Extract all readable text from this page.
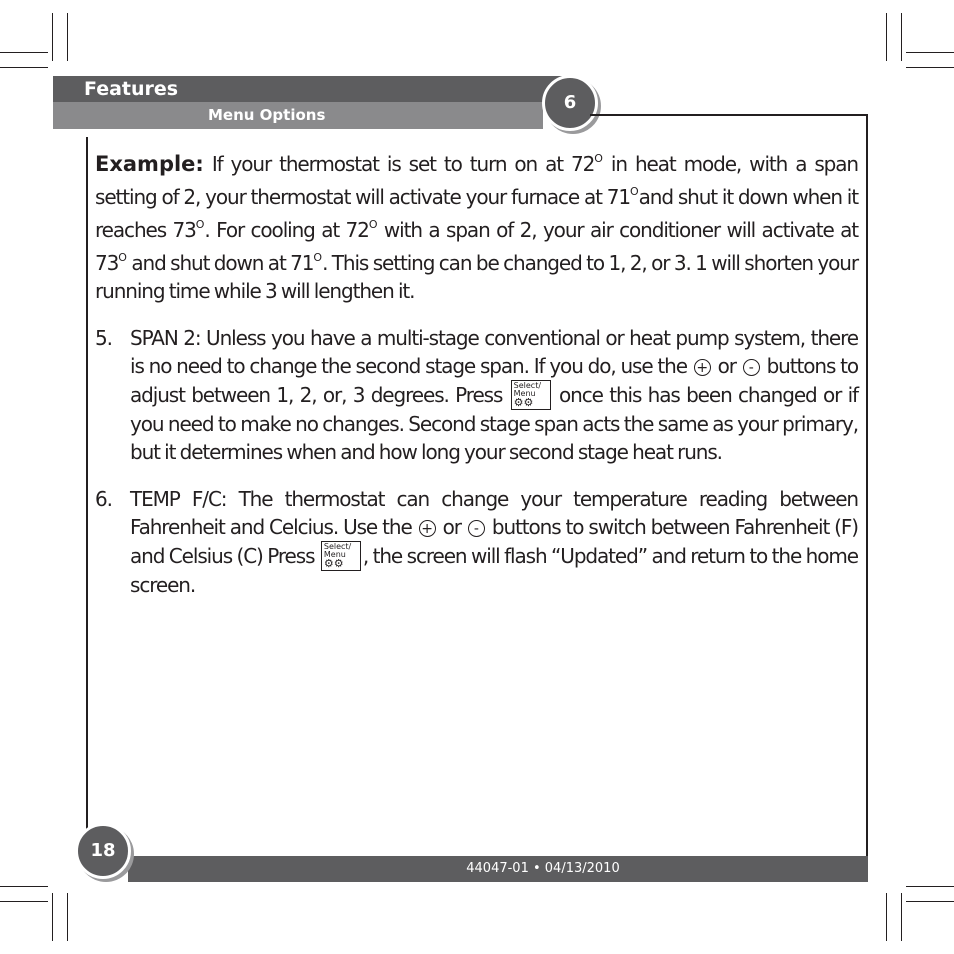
Features
Menu Options
6

Example: If your thermostat is set to turn on at $72^O$ in heat mode, with a span setting of 2, your thermostat will activate your furnace at $71^Oand$ shut it down when it reaches $73^O$. For cooling at $72^O$ with a span of 2, your air conditioner will activate at $73^O$ and shut down at $71^O$. This setting can be changed to 1, 2, or 3. 1 will shorten your running time while 3 will lengthen it.

5. SPAN 2: Unless you have a multi-stage conventional or heat pump system, there is no need to change the second stage span. If you do, use the + or - buttons to adjust between 1, 2, or, 3 degrees. Press Select/
Menu
⚙⚙ once this has been changed or if you need to make no changes. Second stage span acts the same as your primary, but it determines when and how long your second stage heat runs.
6. TEMP F/C: The thermostat can change your temperature reading between Fahrenheit and Celcius. Use the + or - buttons to switch between Fahrenheit (F) and Celsius (C) Press Select/
Menu
⚙⚙ , the screen will flash “Updated” and return to the home screen.
44047-01 • 04/13/2010
18
